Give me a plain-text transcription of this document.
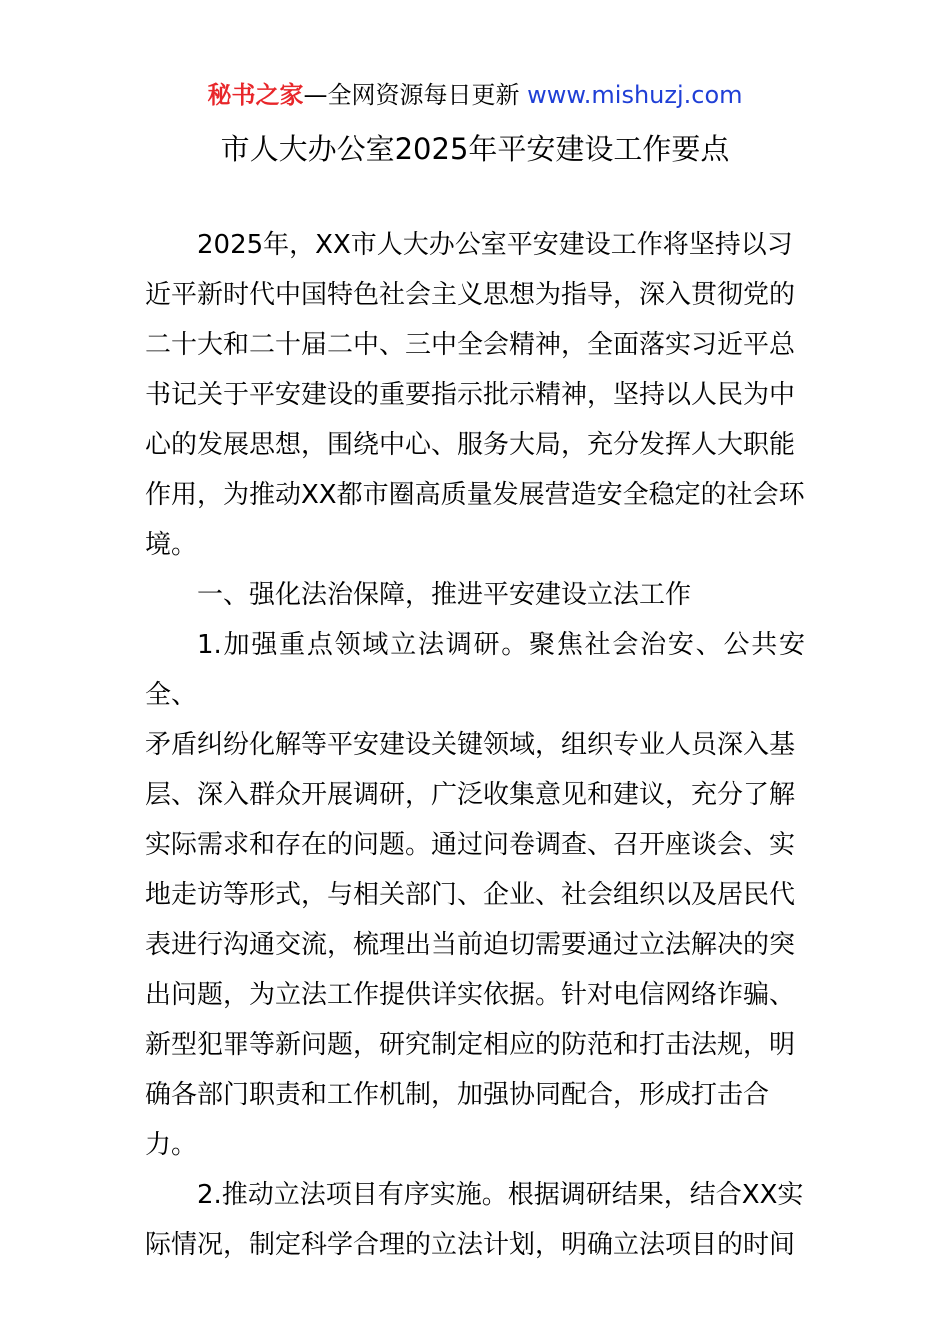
秘书之家—全网资源每日更新 www.mishuzj.com
市人大办公室2025年平安建设工作要点

2025年，XX市人大办公室平安建设工作将坚持以习
近平新时代中国特色社会主义思想为指导，深入贯彻党的
二十大和二十届二中、三中全会精神，全面落实习近平总
书记关于平安建设的重要指示批示精神，坚持以人民为中
心的发展思想，围绕中心、服务大局，充分发挥人大职能
作用，为推动XX都市圈高质量发展营造安全稳定的社会环
境。

一、强化法治保障，推进平安建设立法工作

1.加强重点领域立法调研。聚焦社会治安、公共安全、
矛盾纠纷化解等平安建设关键领域，组织专业人员深入基
层、深入群众开展调研，广泛收集意见和建议，充分了解
实际需求和存在的问题。通过问卷调查、召开座谈会、实
地走访等形式，与相关部门、企业、社会组织以及居民代
表进行沟通交流，梳理出当前迫切需要通过立法解决的突
出问题，为立法工作提供详实依据。针对电信网络诈骗、
新型犯罪等新问题，研究制定相应的防范和打击法规，明
确各部门职责和工作机制，加强协同配合，形成打击合
力。

2.推动立法项目有序实施。根据调研结果，结合XX实
际情况，制定科学合理的立法计划，明确立法项目的时间
